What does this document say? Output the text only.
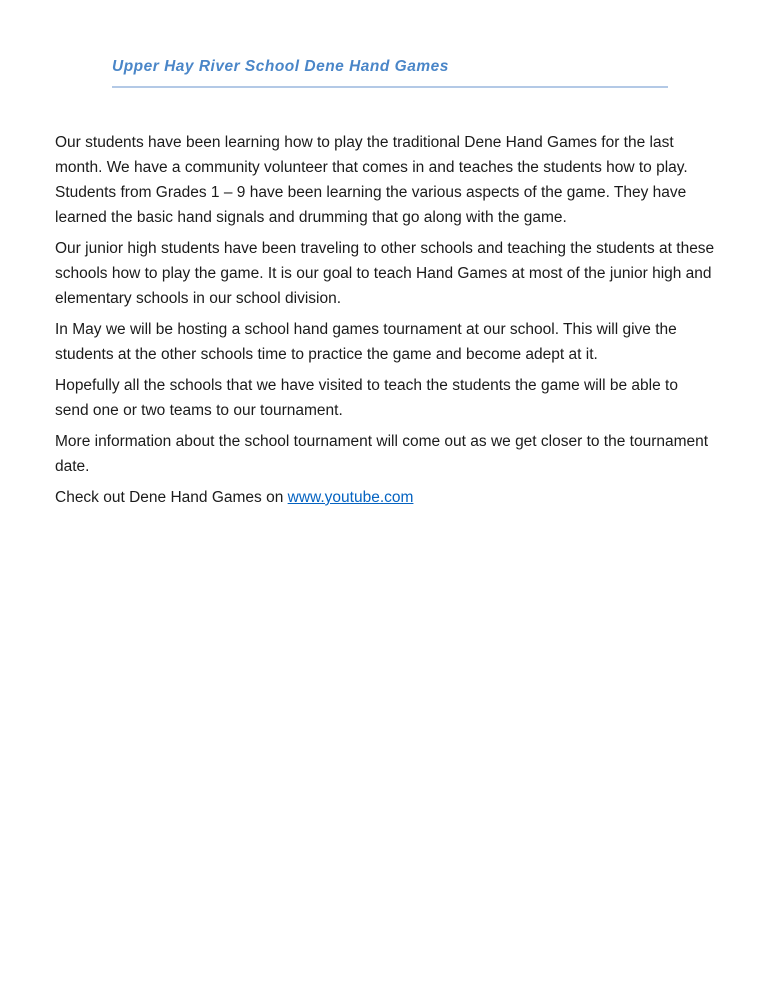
Upper Hay River School Dene Hand Games

Our students have been learning how to play the traditional Dene Hand Games for the last month. We have a community volunteer that comes in and teaches the students how to play. Students from Grades 1 – 9 have been learning the various aspects of the game. They have learned the basic hand signals and drumming that go along with the game.

Our junior high students have been traveling to other schools and teaching the students at these schools how to play the game. It is our goal to teach Hand Games at most of the junior high and elementary schools in our school division.

In May we will be hosting a school hand games tournament at our school. This will give the students at the other schools time to practice the game and become adept at it.

Hopefully all the schools that we have visited to teach the students the game will be able to send one or two teams to our tournament.

More information about the school tournament will come out as we get closer to the tournament date.

Check out Dene Hand Games on www.youtube.com
